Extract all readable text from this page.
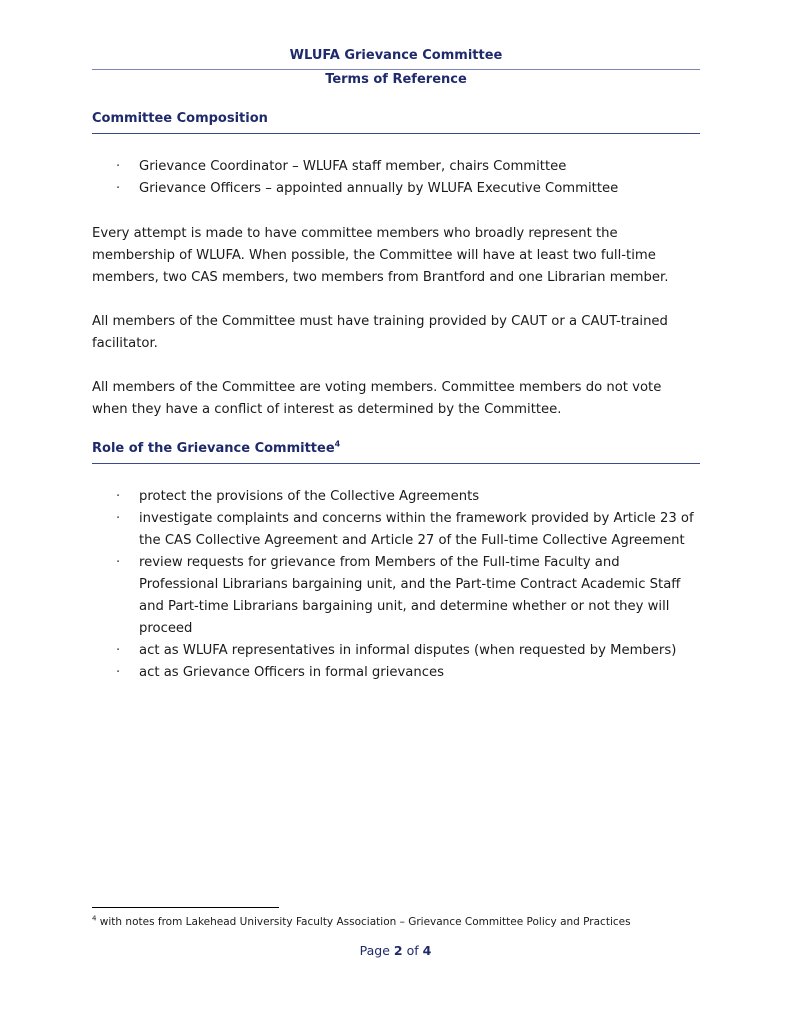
WLUFA Grievance Committee
Terms of Reference
Committee Composition
· Grievance Coordinator – WLUFA staff member, chairs Committee
· Grievance Officers – appointed annually by WLUFA Executive Committee

Every attempt is made to have committee members who broadly represent the membership of WLUFA. When possible, the Committee will have at least two full-time members, two CAS members, two members from Brantford and one Librarian member.

All members of the Committee must have training provided by CAUT or a CAUT-trained facilitator.

All members of the Committee are voting members. Committee members do not vote when they have a conflict of interest as determined by the Committee.

Role of the Grievance Committee$^4$
· protect the provisions of the Collective Agreements
· investigate complaints and concerns within the framework provided by Article 23 of the CAS Collective Agreement and Article 27 of the Full-time Collective Agreement
· review requests for grievance from Members of the Full-time Faculty and Professional Librarians bargaining unit, and the Part-time Contract Academic Staff and Part-time Librarians bargaining unit, and determine whether or not they will proceed
· act as WLUFA representatives in informal disputes (when requested by Members)
· act as Grievance Officers in formal grievances
$^4$ with notes from Lakehead University Faculty Association – Grievance Committee Policy and Practices
Page 2 of 4
